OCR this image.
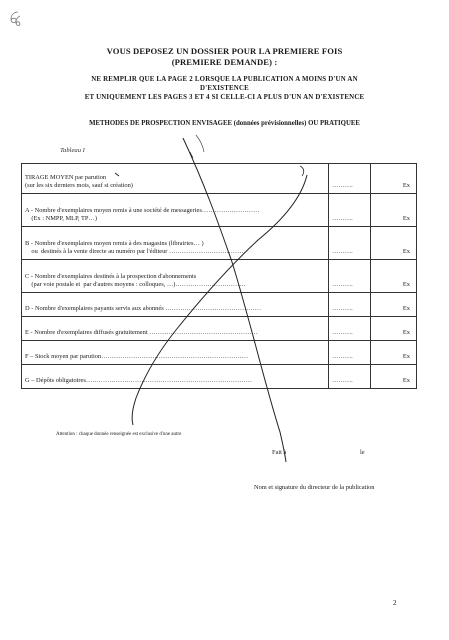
VOUS DEPOSEZ UN DOSSIER POUR LA PREMIERE FOIS
(PREMIERE DEMANDE) :
NE REMPLIR QUE LA PAGE 2 LORSQUE LA PUBLICATION A MOINS D'UN AN
D'EXISTENCE
ET UNIQUEMENT LES PAGES 3 ET 4 SI CELLE-CI A PLUS D'UN AN D'EXISTENCE
METHODES DE PROSPECTION ENVISAGEE (données prévisionnelles) OU PRATIQUEE
Tableau I
TIRAGE MOYEN par parution
(sur les six derniers mois, sauf si création)	……….	Ex

A - Nombre d'exemplaires moyen remis à une société de messageries………………………
(Ex : NMPP, MLP, TP…)	……….	Ex

B - Nombre d'exemplaires moyen remis à des magasins (librairies… )
ou  destinés à la vente directe au numéro par l'éditeur ………………………………	……….	Ex

C - Nombre d'exemplaires destinés à la prospection d'abonnements
(par voie postale et  par d'autres moyens : colloques, …)……………………………	……….	Ex

D - Nombre d'exemplaires payants servis aux abonnés ………………………………………	……….	Ex

E - Nombre d'exemplaires diffusés gratuitement ……………………………………………	……….	Ex

F – Stock moyen par parution……………………………………………………………	……….	Ex

G – Dépôts obligatoires……………………………………………………………………	……….	Ex
Attention : chaque donnée renseignée est exclusive d'une autre
Fait à	le
Nom et signature du directeur de la publication
2
